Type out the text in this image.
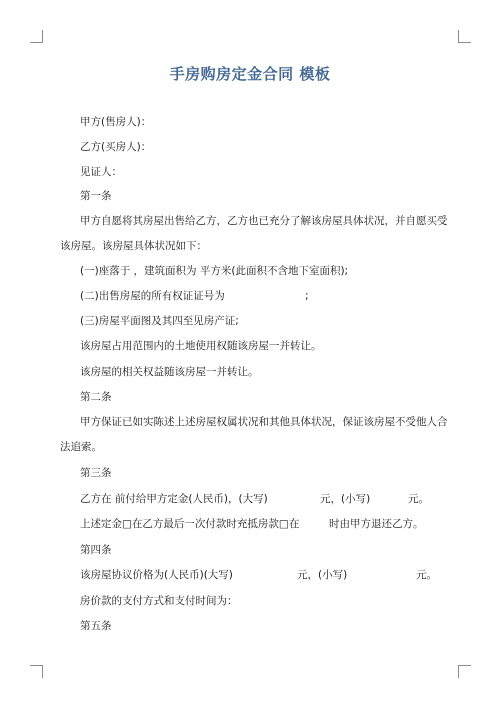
手房购房定金合同 模板
甲方(售房人)：
乙方(买房人)：
见证人：
第一条
甲方自愿将其房屋出售给乙方，乙方也已充分了解该房屋具体状况，并自愿买受
该房屋。该房屋具体状况如下：
(一)座落于 ，建筑面积为 平方米(此面积不含地下室面积);
(二)出售房屋的所有权证证号为	;
(三)房屋平面图及其四至见房产证;
该房屋占用范围内的土地使用权随该房屋一并转让。
该房屋的相关权益随该房屋一并转让。
第二条
甲方保证已如实陈述上述房屋权属状况和其他具体状况，保证该房屋不受他人合
法追索。
第三条
乙方在 前付给甲方定金(人民币)，(大写)	元，(小写)	元。
上述定金□在乙方最后一次付款时充抵房款□在	时由甲方退还乙方。
第四条
该房屋协议价格为(人民币)(大写)	元，(小写)	元。
房价款的支付方式和支付时间为：
第五条
